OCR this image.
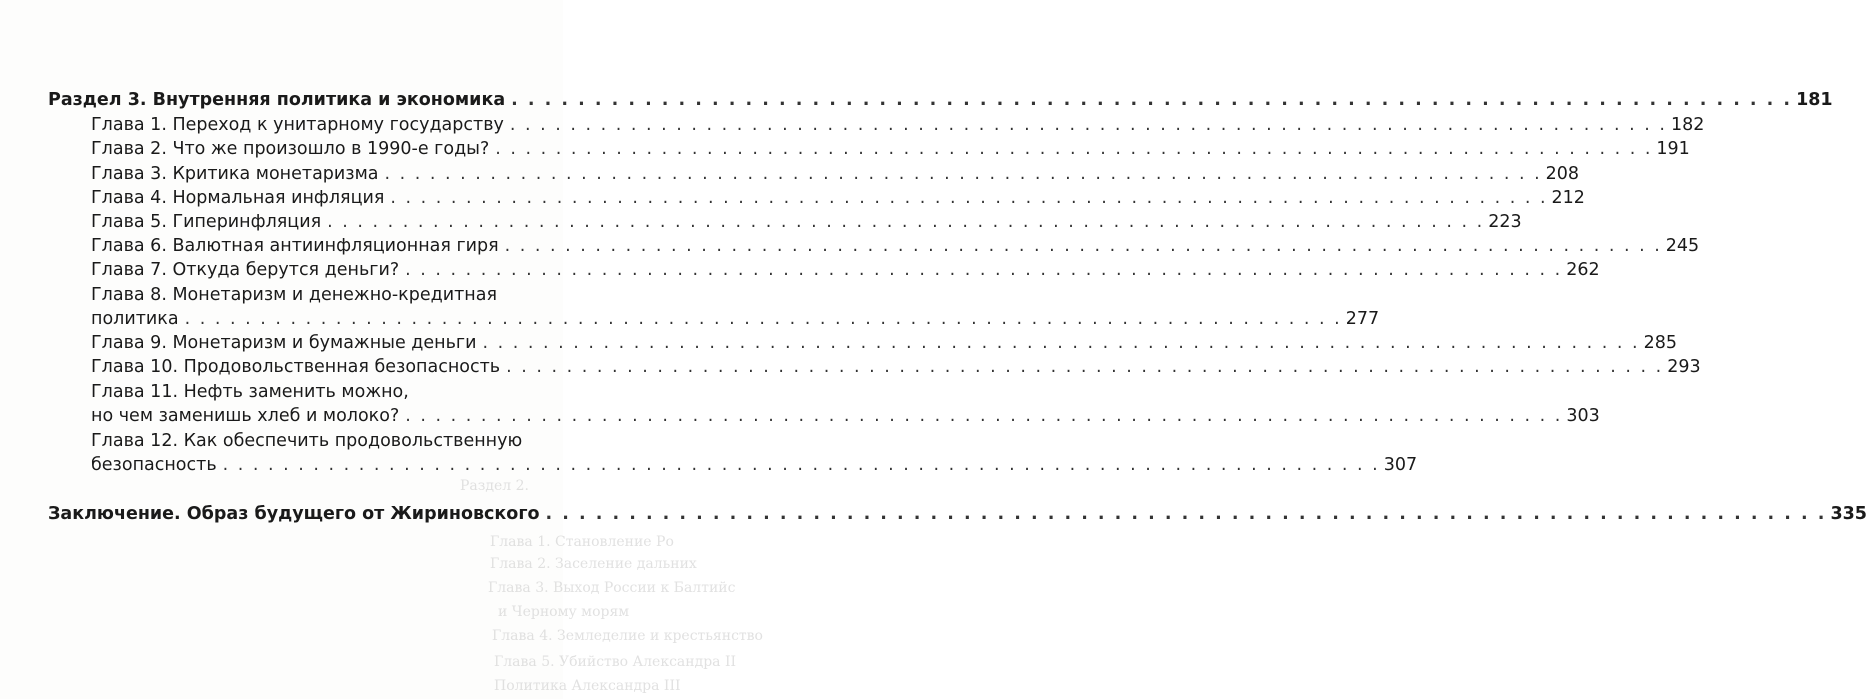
Раздел 2.
Глава 1. Становление Ро
Глава 2. Заселение дальних
Глава 3. Выход России к Балтийс
и Черному морям
Глава 4. Земледелие и крестьянство
Глава 5. Убийство Александра II
Политика Александра III
Раздел 3. Внутренняя политика и экономика . . .	181
Глава 1. Переход к унитарному государству . . .	182
Глава 2. Что же произошло в 1990-е годы? . . .	191
Глава 3. Критика монетаризма . . .	208
Глава 4. Нормальная инфляция . . .	212
Глава 5. Гиперинфляция . . .	223
Глава 6. Валютная антиинфляционная гиря . . .	245
Глава 7. Откуда берутся деньги? . . .	262
Глава 8. Монетаризм и денежно-кредитная
политика . . .	277
Глава 9. Монетаризм и бумажные деньги . . .	285
Глава 10. Продовольственная безопасность . . .	293
Глава 11. Нефть заменить можно,
но чем заменишь хлеб и молоко? . . .	303
Глава 12. Как обеспечить продовольственную
безопасность . . .	307
Заключение. Образ будущего от Жириновского . . .	335
